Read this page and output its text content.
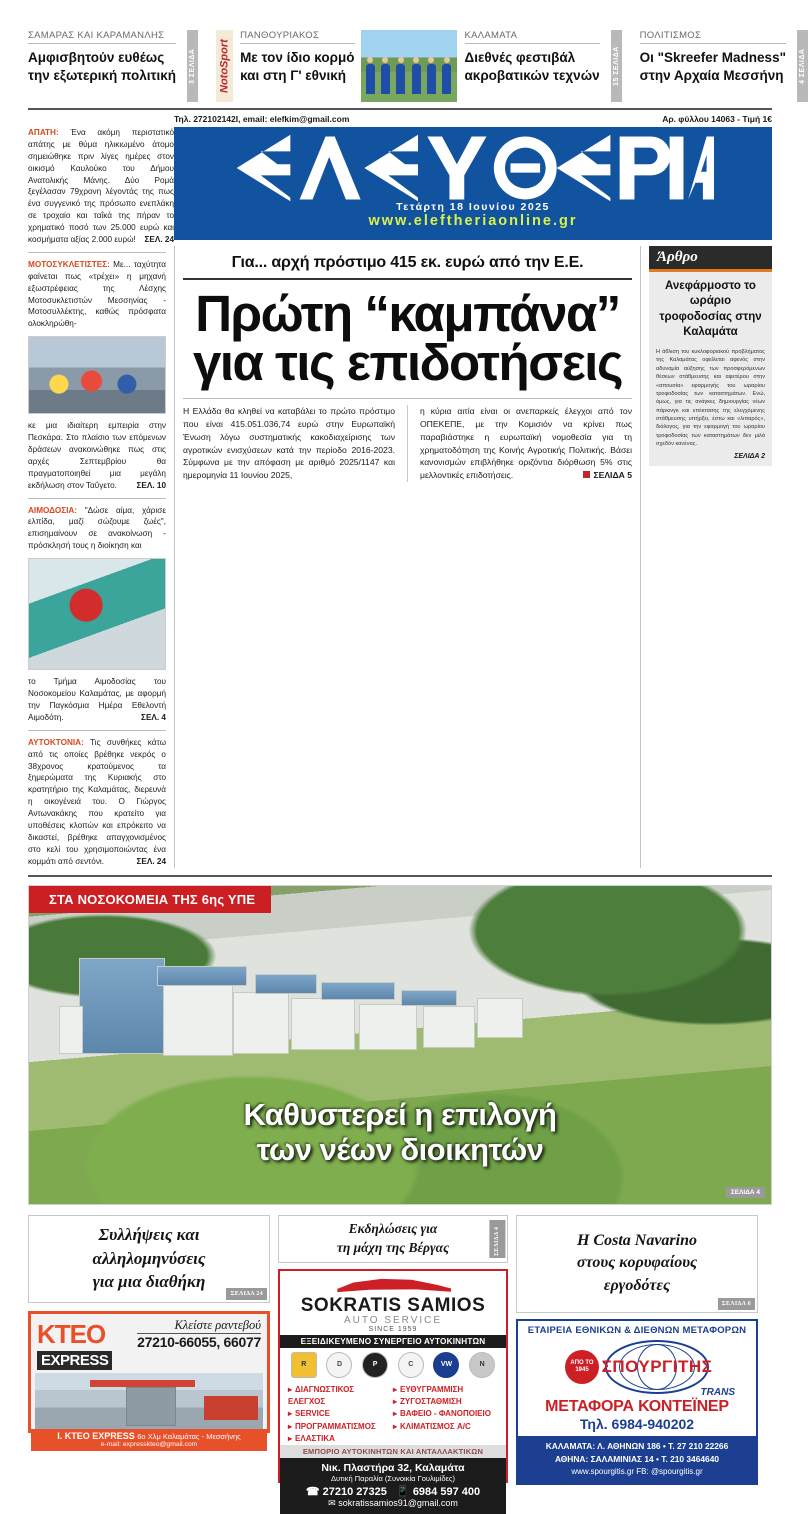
ΣΑΜΑΡΑΣ ΚΑΙ ΚΑΡΑΜΑΝΛΗΣ
Αμφισβητούν ευθέως
την εξωτερική πολιτική 3 ΣΕΛΙΔΑ NotoSport
ΠΑΝΘΟΥΡΙΑΚΟΣ
Με τον ίδιο κορμό
και στη Γ' εθνική
ΚΑΛΑΜΑΤΑ
Διεθνές φεστιβάλ
ακροβατικών τεχνών 15 ΣΕΛΙΔΑ
ΠΟΛΙΤΙΣΜΟΣ
Οι "Skreefer Madness"
στην Αρχαία Μεσσήνη	4 ΣΕΛΙΔΑ
Τηλ. 272102142I, email: elefkim@gmail.com	Αρ. φύλλου 14063 - Τιμή 1€
ΑΠΑΤΗ: Ένα ακόμη περιστατικό απάτης με θύμα ηλικιωμένο άτομο σημειώθηκε πριν λίγες ημέρες στον οικισμό Καυλούκο του Δήμου Ανατολικής Μάνης. Δύο Ρομά ξεγέλασαν 79χρονη λέγοντάς της πως ένα συγγενικό της πρόσωπο ενεπλάκη σε τροχαίο και ταΐκά της πήραν το χρηματικό ποσό των 25.000 ευρώ και κοσμήματα αξίας 2.000 ευρώ! ΣΕΛ. 24
Τετάρτη 18 Ιουνίου 2025
www.eleftheriaonline.gr
ΜΟΤΟΣΥΚΛΕΤΙΣΤΕΣ: Με... ταχύτητα φαίνεται πως «τρέχει» η μηχανή εξωστρέφειας της Λέσχης Μοτοσυκλετιστών Μεσσηνίας - Μοτοσυλλέκτης, καθώς πρόσφατα ολοκληρώθη-
κε μια ιδιαίτερη εμπειρία στην Πεσκάρα. Στο πλαίσιο των επόμενων δράσεων ανακοινώθηκε πως στις αρχές Σεπτεμβρίου θα πραγματοποιηθεί μια μεγάλη εκδήλωση στον Ταΰγετο. ΣΕΛ. 10
ΑΙΜΟΔΟΣΙΑ: "Δώσε αίμα, χάρισε ελπίδα, μαζί σώζουμε ζωές", επισημαίνουν σε ανακοίνωση - πρόσκλησή τους η διοίκηση και
το Τμήμα Αιμοδοσίας του Νοσοκομείου Καλαμάτας, με αφορμή την Παγκόσμια Ημέρα Εθελοντή Αιμοδότη.	ΣΕΛ. 4
ΑΥΤΟΚΤΟΝΙΑ: Τις συνθήκες κάτω από τις οποίες βρέθηκε νεκρός ο 38χρονος κρατούμενος τα ξημερώματα της Κυριακής στο κρατητήριο της Καλαμάτας, διερευνά η οικογένειά του. Ο Γιώργος Αντωνακάκης που κρατείτο για υποθέσεις κλοπών και επρόκειτο να δικαστεί, βρέθηκε απαγχονισμένος στο κελί του χρησιμοποιώντας ένα κομμάτι από σεντόνι.	ΣΕΛ. 24
Για... αρχή πρόστιμο 415 εκ. ευρώ από την Ε.Ε.
Πρώτη “καμπάνα”
για τις επιδοτήσεις
Η Ελλάδα θα κληθεί να καταβάλει το πρώτο πρόστιμο που είναι 415.051.036,74 ευρώ στην Ευρωπαϊκή Ένωση λόγω συστηματικής κακοδιαχείρισης των αγροτικών ενισχύσεων κατά την περίοδο 2016-2023. Σύμφωνα με την απόφαση με αριθμό 2025/1147 και ημερομηνία 11 Ιουνίου 2025,
η κύρια αιτία είναι οι ανεπαρκείς έλεγχοι από τον ΟΠΕΚΕΠΕ, με την Κομισιόν να κρίνει πως παραβιάστηκε η ευρωπαϊκή νομοθεσία για τη χρηματοδότηση της Κοινής Αγροτικής Πολιτικής. Βάσει κανονισμών επιβλήθηκε οριζόντια διόρθωση 5% στις μελλοντικές επιδοτήσεις.	ΣΕΛΙΔΑ 5
Άρθρο
Ανεφάρμοστο το ωράριο τροφοδοσίας στην Καλαμάτα
Η άθλιση του κυκλοφοριακού προβλήματος της Καλαμάτας οφείλεται αφενός στην αδυναμία αύξησης των προσφερόμενων θέσεων στάθμευσης και αφετέρου στην «απουσία» εφαρμογής του ωραρίου τροφοδοσίας των καταστημάτων. Ενώ, όμως, για τις ανάγκες δημιουργίας νέων πάρκινγκ και επέκτασης της ελεγχόμενης στάθμευσης υπήρξει, έστω και «λιπαρός», διάλογος, για την εφαρμογή του ωραρίου τροφοδοσίας των καταστημάτων δεν μιλά σχεδόν κανένας.
ΣΕΛΙΔΑ 2
ΣΤΑ ΝΟΣΟΚΟΜΕΙΑ ΤΗΣ 6ης ΥΠΕ
Καθυστερεί η επιλογή
των νέων διοικητών
ΣΕΛΙΔΑ 4
Συλλήψεις και
αλληλομηνύσεις
για μια διαθήκη
ΣΕΛΙΔΑ 24
KTEO	Κλείστε ραντεβού
27210-66055, 66077
EXPRESS
Ι. KTEO EXPRESS 6ο Χλμ Καλαμάτας - Μεσσήνης
e-mail: expresskteo@gmail.com
Εκδηλώσεις για
τη μάχη της Βέργας	ΣΕΛΙΔΑ 4
SOKRATIS SAMIOS
AUTO SERVICE
SINCE 1959
ΕΞΕΙΔΙΚΕΥΜΕΝΟ ΣΥΝΕΡΓΕΙΟ ΑΥΤΟΚΙΝΗΤΩΝ
R	D	P	C	VW	N
▸ ΔΙΑΓΝΩΣΤΙΚΟΣ ΕΛΕΓΧΟΣ
▸ SERVICE
▸ ΠΡΟΓΡΑΜΜΑΤΙΣΜΟΣ
▸ ΕΛΑΣΤΙΚΑ
▸ ΕΥΘΥΓΡΑΜΜΙΣΗ
▸ ΖΥΓΟΣΤΑΘΜΙΣΗ
▸ ΒΑΦΕΙΟ - ΦΑΝΟΠΟΙΕΙΟ
▸ ΚΛΙΜΑΤΙΣΜΟΣ A/C
ΕΜΠΟΡΙΟ ΑΥΤΟΚΙΝΗΤΩΝ ΚΑΙ ΑΝΤΑΛΛΑΚΤΙΚΩΝ
Νικ. Πλαστήρα 32, Καλαμάτα
Δυτική Παραλία (Συνοικία Γουλιμίδες)
☎ 27210 27325 📱 6984 597 400
✉ sokratissamios91@gmail.com
Η Costa Navarino
στους κορυφαίους
εργοδότες
ΣΕΛΙΔΑ 6
ΕΤΑΙΡΕΙΑ ΕΘΝΙΚΩΝ & ΔΙΕΘΝΩΝ ΜΕΤΑΦΟΡΩΝ
ΑΠΟ ΤΟ 1945 ΣΠΟΥΡΓΙΤΗΣ
TRANS
ΜΕΤΑΦΟΡΑ ΚΟΝΤΕΪΝΕΡ
Τηλ. 6984-940202
ΚΑΛΑΜΑΤΑ: Λ. ΑΘΗΝΩΝ 186 • Τ. 27 210 22266
ΑΘΗΝΑ: ΣΑΛΑΜΙΝΙΑΣ 14 • Τ. 210 3464640
www.spourgitis.gr FB: @spourgitis.gr
